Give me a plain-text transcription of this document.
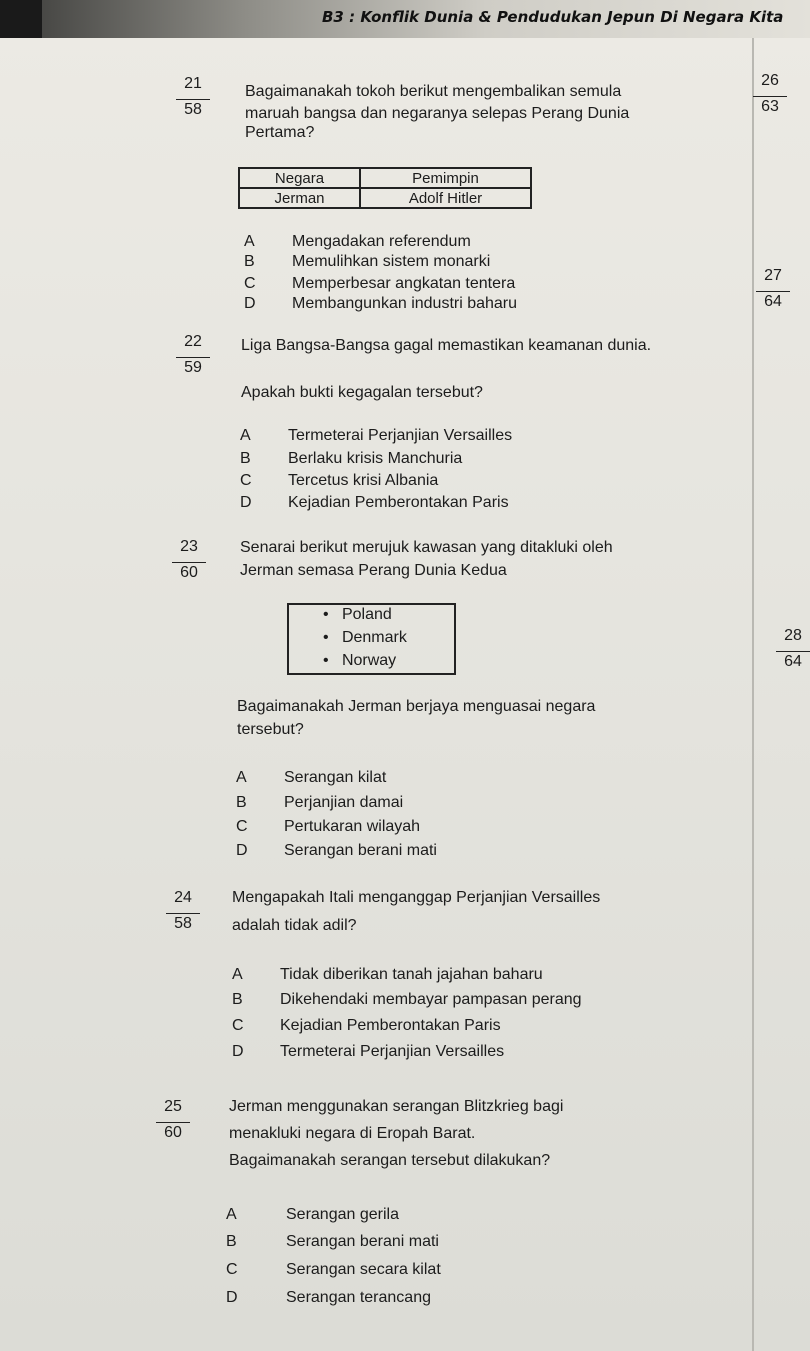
B3 : Konflik Dunia & Pendudukan Jepun Di Negara Kita
21
58
Bagaimanakah tokoh berikut mengembalikan semula
maruah bangsa dan negaranya selepas Perang Dunia
Pertama?
Negara	Pemimpin
Jerman	Adolf Hitler
A Mengadakan referendum
B Memulihkan sistem monarki
C Memperbesar angkatan tentera
D Membangunkan industri baharu
26
63
27
64
28
64
22
59
Liga Bangsa-Bangsa gagal memastikan keamanan dunia.
Apakah bukti kegagalan tersebut?
A Termeterai Perjanjian Versailles
B Berlaku krisis Manchuria
C Tercetus krisi Albania
D Kejadian Pemberontakan Paris
23
60
Senarai berikut merujuk kawasan yang ditakluki oleh
Jerman semasa Perang Dunia Kedua
•   Poland
•   Denmark
•   Norway
Bagaimanakah Jerman berjaya menguasai negara
tersebut?
A Serangan kilat
B Perjanjian damai
C Pertukaran wilayah
D Serangan berani mati
24
58
Mengapakah Itali menganggap Perjanjian Versailles
adalah tidak adil?
A Tidak diberikan tanah jajahan baharu
B Dikehendaki membayar pampasan perang
C Kejadian Pemberontakan Paris
D Termeterai Perjanjian Versailles
25
60
Jerman menggunakan serangan Blitzkrieg bagi
menakluki negara di Eropah Barat.
Bagaimanakah serangan tersebut dilakukan?
A	Serangan gerila
B	Serangan berani mati
C	Serangan secara kilat
D	Serangan terancang
